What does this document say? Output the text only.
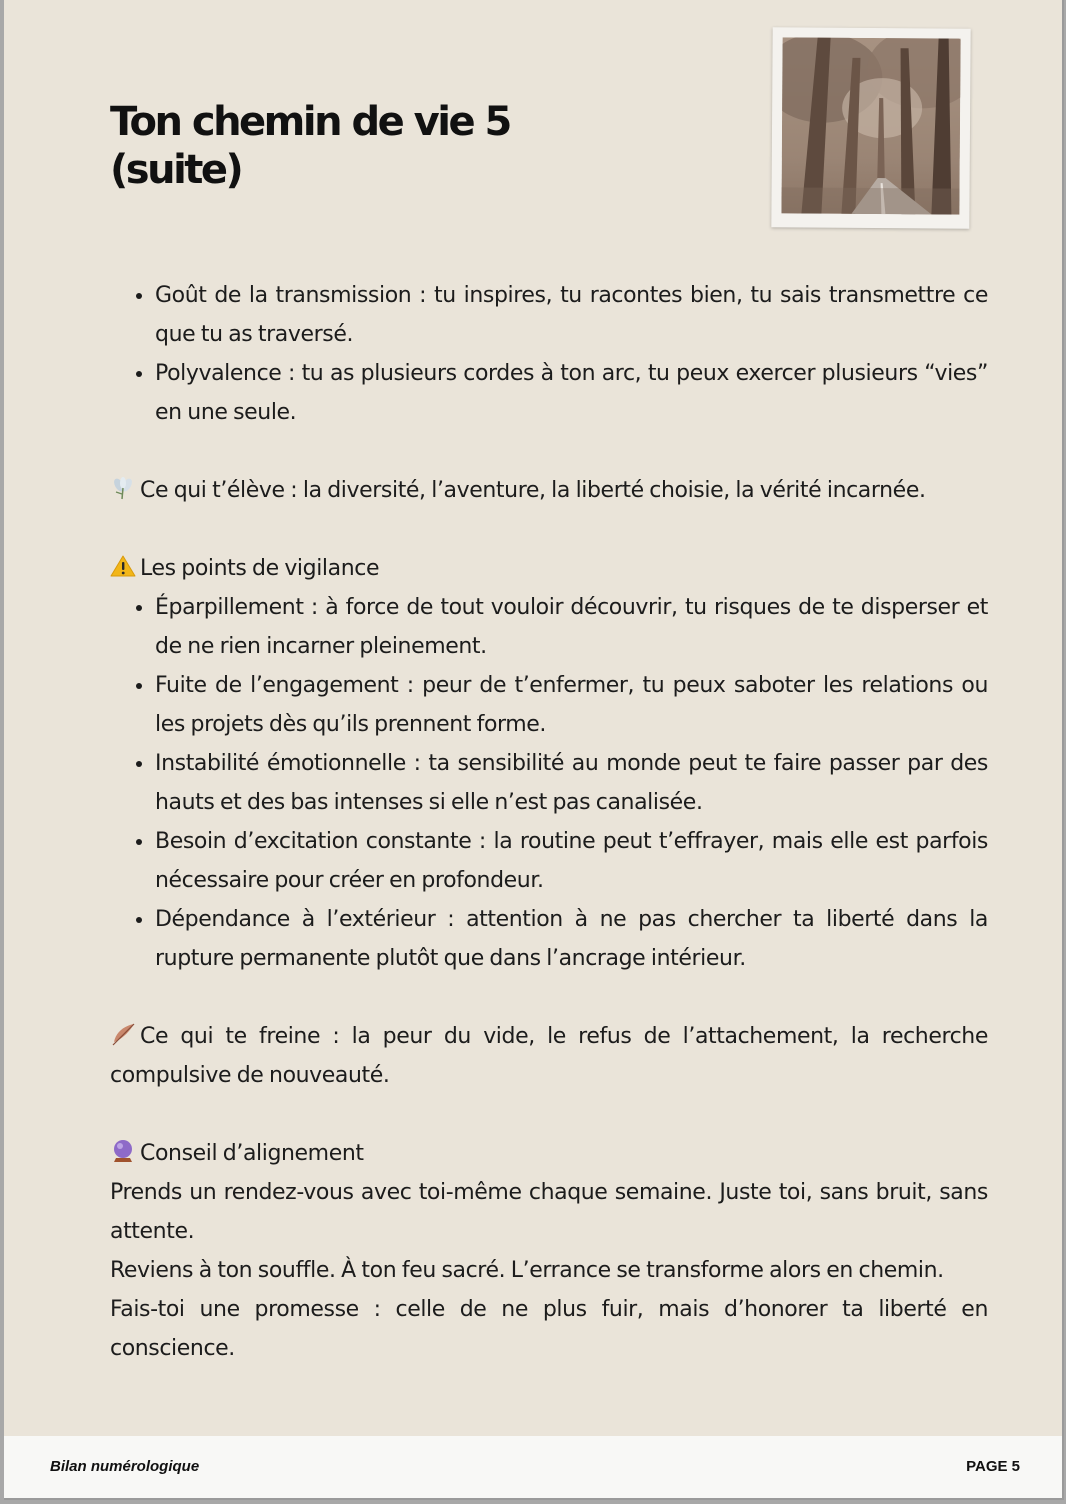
Ton chemin de vie 5
(suite)
• Goût de la transmission : tu inspires, tu racontes bien, tu sais transmettre ce que tu as traversé.
• Polyvalence : tu as plusieurs cordes à ton arc, tu peux exercer plusieurs “vies” en une seule.

Ce qui t’élève : la diversité, l’aventure, la liberté choisie, la vérité incarnée.

Les points de vigilance

• Éparpillement : à force de tout vouloir découvrir, tu risques de te disperser et de ne rien incarner pleinement.
• Fuite de l’engagement : peur de t’enfermer, tu peux saboter les relations ou les projets dès qu’ils prennent forme.
• Instabilité émotionnelle : ta sensibilité au monde peut te faire passer par des hauts et des bas intenses si elle n’est pas canalisée.
• Besoin d’excitation constante : la routine peut t’effrayer, mais elle est parfois nécessaire pour créer en profondeur.
• Dépendance à l’extérieur : attention à ne pas chercher ta liberté dans la rupture permanente plutôt que dans l’ancrage intérieur.

Ce qui te freine : la peur du vide, le refus de l’attachement, la recherche compulsive de nouveauté.

Conseil d’alignement

Prends un rendez-vous avec toi-même chaque semaine. Juste toi, sans bruit, sans attente.

Reviens à ton souffle. À ton feu sacré. L’errance se transforme alors en chemin.

Fais-toi une promesse : celle de ne plus fuir, mais d’honorer ta liberté en conscience.

Bilan numérologique	PAGE 5
